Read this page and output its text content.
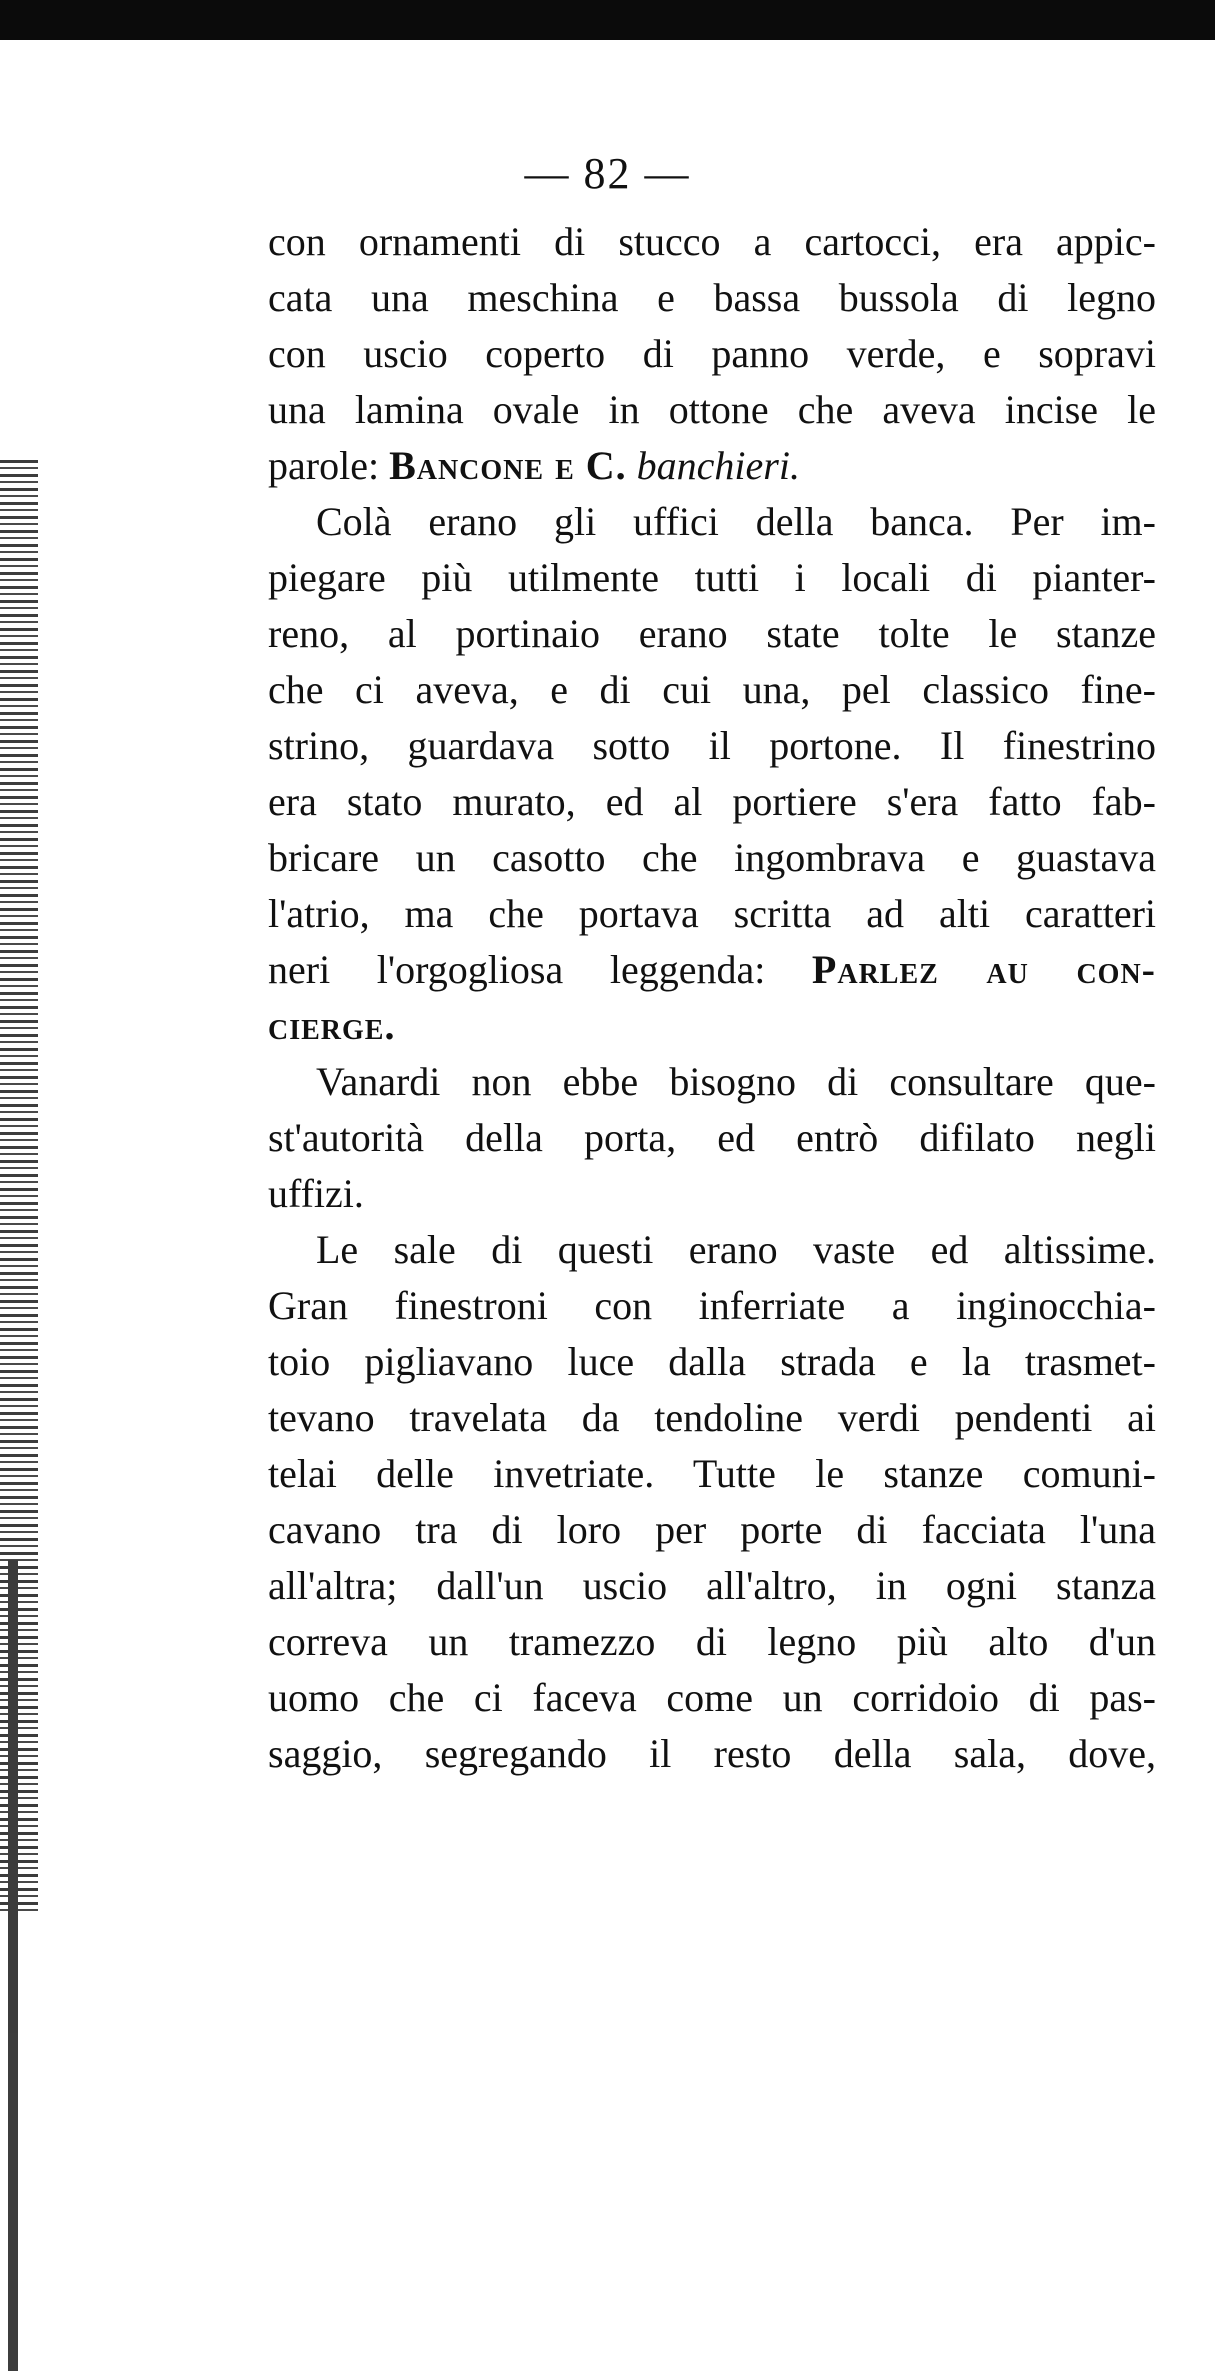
— 82 —
con ornamenti di stucco a cartocci, era appic-
cata una meschina e bassa bussola di legno
con uscio coperto di panno verde, e sopravi
una lamina ovale in ottone che aveva incise le
parole: Bancone e C. banchieri.
Colà erano gli uffici della banca. Per im-
piegare più utilmente tutti i locali di pianter-
reno, al portinaio erano state tolte le stanze
che ci aveva, e di cui una, pel classico fine-
strino, guardava sotto il portone. Il finestrino
era stato murato, ed al portiere s'era fatto fab-
bricare un casotto che ingombrava e guastava
l'atrio, ma che portava scritta ad alti caratteri
neri l'orgogliosa leggenda: Parlez au con-
cierge.
Vanardi non ebbe bisogno di consultare que-
st'autorità della porta, ed entrò difilato negli
uffizi.
Le sale di questi erano vaste ed altissime.
Gran finestroni con inferriate a inginocchia-
toio pigliavano luce dalla strada e la trasmet-
tevano travelata da tendoline verdi pendenti ai
telai delle invetriate. Tutte le stanze comuni-
cavano tra di loro per porte di facciata l'una
all'altra; dall'un uscio all'altro, in ogni stanza
correva un tramezzo di legno più alto d'un
uomo che ci faceva come un corridoio di pas-
saggio, segregando il resto della sala, dove,
